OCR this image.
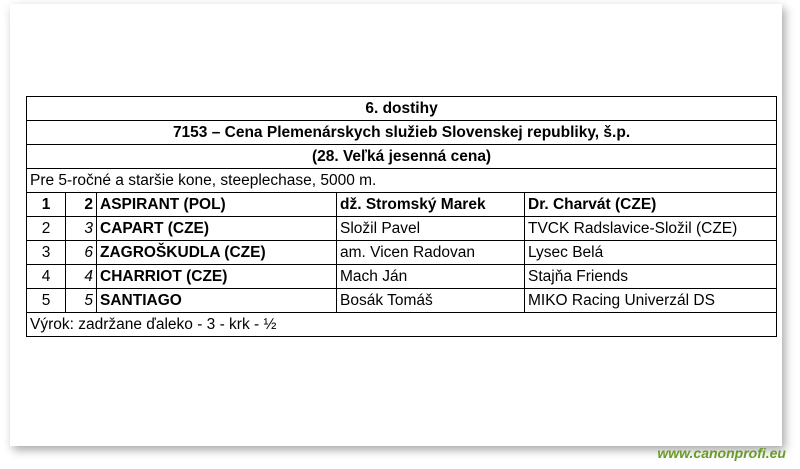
6. dostihy				
7153 – Cena Plemenárskych služieb Slovenskej republiky, š.p.				
(28. Veľká jesenná cena)				
Pre 5-ročné a staršie kone, steeplechase, 5000 m.				
1	2	ASPIRANT (POL)	dž. Stromský Marek	Dr. Charvát (CZE)
2	3	CAPART (CZE)	Složil Pavel	TVCK Radslavice-Složil (CZE)
3	6	ZAGROŠKUDLA (CZE)	am. Vicen Radovan	Lysec Belá
4	4	CHARRIOT (CZE)	Mach Ján	Stajňa Friends
5	5	SANTIAGO	Bosák Tomáš	MIKO Racing Univerzál DS
Výrok: zadržane ďaleko - 3 - krk - ½				
www.canonprofi.eu
